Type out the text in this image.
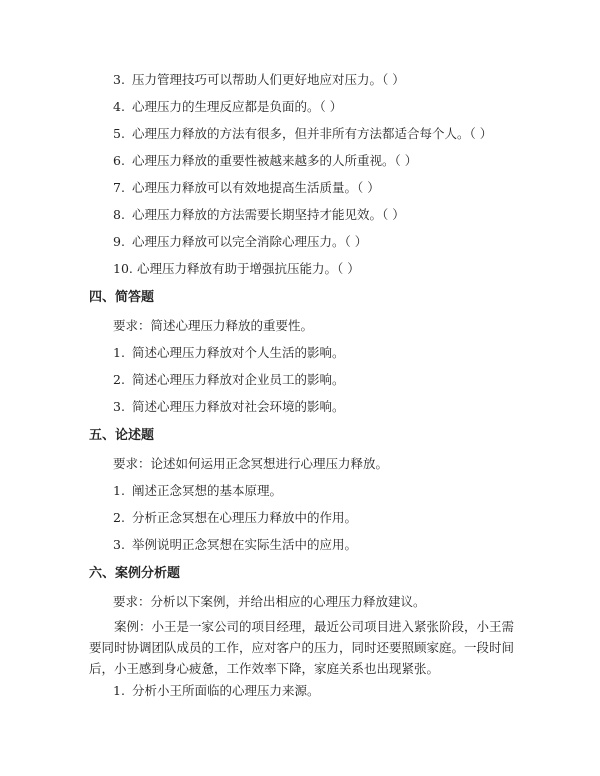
3. 压力管理技巧可以帮助人们更好地应对压力。（ ）
4. 心理压力的生理反应都是负面的。（ ）
5. 心理压力释放的方法有很多，但并非所有方法都适合每个人。（ ）
6. 心理压力释放的重要性被越来越多的人所重视。（ ）
7. 心理压力释放可以有效地提高生活质量。（ ）
8. 心理压力释放的方法需要长期坚持才能见效。（ ）
9. 心理压力释放可以完全消除心理压力。（ ）
10. 心理压力释放有助于增强抗压能力。（ ）
四、简答题
要求：简述心理压力释放的重要性。
1. 简述心理压力释放对个人生活的影响。
2. 简述心理压力释放对企业员工的影响。
3. 简述心理压力释放对社会环境的影响。
五、论述题
要求：论述如何运用正念冥想进行心理压力释放。
1. 阐述正念冥想的基本原理。
2. 分析正念冥想在心理压力释放中的作用。
3. 举例说明正念冥想在实际生活中的应用。
六、案例分析题
要求：分析以下案例，并给出相应的心理压力释放建议。
案例：小王是一家公司的项目经理，最近公司项目进入紧张阶段，小王需要同时协调团队成员的工作，应对客户的压力，同时还要照顾家庭。一段时间后，小王感到身心疲惫，工作效率下降，家庭关系也出现紧张。
1. 分析小王所面临的心理压力来源。
